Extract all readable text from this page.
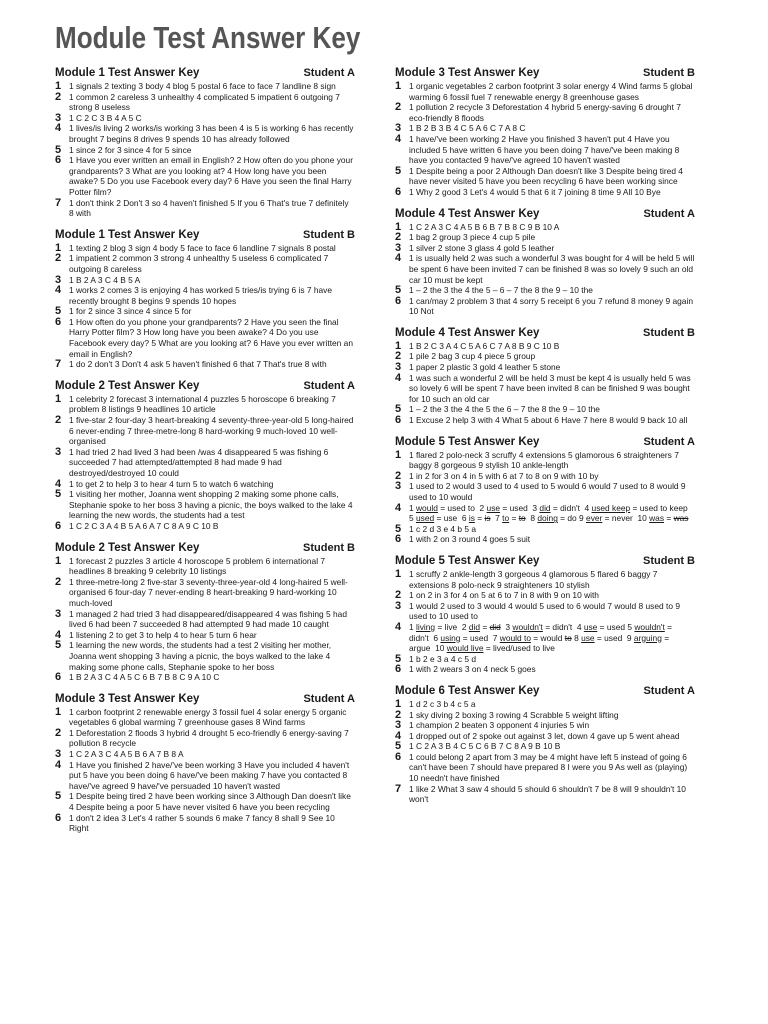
Module Test Answer Key
Module 1 Test Answer Key	Student A
1 1 signals 2 texting 3 body 4 blog 5 postal 6 face to face 7 landline 8 sign
2 1 common 2 careless 3 unhealthy 4 complicated 5 impatient 6 outgoing 7 strong 8 useless
3 1 C 2 C 3 B 4 A 5 C
4 1 lives/is living 2 works/is working 3 has been 4 is 5 is working 6 has recently brought 7 begins 8 drives 9 spends 10 has already followed
5 1 since 2 for 3 since 4 for 5 since
6 1 Have you ever written an email in English? 2 How often do you phone your grandparents? 3 What are you looking at? 4 How long have you been awake? 5 Do you use Facebook every day? 6 Have you seen the final Harry Potter film?
7 1 don't think 2 Don't 3 so 4 haven't finished 5 If you 6 That's true 7 definitely 8 with
Module 1 Test Answer Key	Student B
1 1 texting 2 blog 3 sign 4 body 5 face to face 6 landline 7 signals 8 postal
2 1 impatient 2 common 3 strong 4 unhealthy 5 useless 6 complicated 7 outgoing 8 careless
3 1 B 2 A 3 C 4 B 5 A
4 1 works 2 comes 3 is enjoying 4 has worked 5 tries/is trying 6 is 7 have recently brought 8 begins 9 spends 10 hopes
5 1 for 2 since 3 since 4 since 5 for
6 1 How often do you phone your grandparents? 2 Have you seen the final Harry Potter film? 3 How long have you been awake? 4 Do you use Facebook every day? 5 What are you looking at? 6 Have you ever written an email in English?
7 1 do 2 don't 3 Don't 4 ask 5 haven't finished 6 that 7 That's true 8 with
Module 2 Test Answer Key	Student A
1 1 celebrity 2 forecast 3 international 4 puzzles 5 horoscope 6 breaking 7 problem 8 listings 9 headlines 10 article
2 1 five-star 2 four-day 3 heart-breaking 4 seventy-three-year-old 5 long-haired 6 never-ending 7 three-metre-long 8 hard-working 9 much-loved 10 well-organised
3 1 had tried 2 had lived 3 had been /was 4 disappeared 5 was fishing 6 succeeded 7 had attempted/attempted 8 had made 9 had destroyed/destroyed 10 could
4 1 to get 2 to help 3 to hear 4 turn 5 to watch 6 watching
5 1 visiting her mother, Joanna went shopping 2 making some phone calls, Stephanie spoke to her boss 3 having a picnic, the boys walked to the lake 4 learning the new words, the students had a test
6 1 C 2 C 3 A 4 B 5 A 6 A 7 C 8 A 9 C 10 B
Module 2 Test Answer Key	Student B
1 1 forecast 2 puzzles 3 article 4 horoscope 5 problem 6 international 7 headlines 8 breaking 9 celebrity 10 listings
2 1 three-metre-long 2 five-star 3 seventy-three-year-old 4 long-haired 5 well-organised 6 four-day 7 never-ending 8 heart-breaking 9 hard-working 10 much-loved
3 1 managed 2 had tried 3 had disappeared/disappeared 4 was fishing 5 had lived 6 had been 7 succeeded 8 had attempted 9 had made 10 caught
4 1 listening 2 to get 3 to help 4 to hear 5 turn 6 hear
5 1 learning the new words, the students had a test 2 visiting her mother, Joanna went shopping 3 having a picnic, the boys walked to the lake 4 making some phone calls, Stephanie spoke to her boss
6 1 B 2 A 3 C 4 A 5 C 6 B 7 B 8 C 9 A 10 C
Module 3 Test Answer Key	Student A
1 1 carbon footprint 2 renewable energy 3 fossil fuel 4 solar energy 5 organic vegetables 6 global warming 7 greenhouse gases 8 Wind farms
2 1 Deforestation 2 floods 3 hybrid 4 drought 5 eco-friendly 6 energy-saving 7 pollution 8 recycle
3 1 C 2 A 3 C 4 A 5 B 6 A 7 B 8 A
4 1 Have you finished 2 have/'ve been working 3 Have you included 4 haven't put 5 have you been doing 6 have/'ve been making 7 have you contacted 8 have/'ve agreed 9 have/'ve persuaded 10 haven't wasted
5 1 Despite being tired 2 have been working since 3 Although Dan doesn't like 4 Despite being a poor 5 have never visited 6 have you been recycling
6 1 don't 2 idea 3 Let's 4 rather 5 sounds 6 make 7 fancy 8 shall 9 See 10 Right
Module 3 Test Answer Key	Student B
1 1 organic vegetables 2 carbon footprint 3 solar energy 4 Wind farms 5 global warming 6 fossil fuel 7 renewable energy 8 greenhouse gases
2 1 pollution 2 recycle 3 Deforestation 4 hybrid 5 energy-saving 6 drought 7 eco-friendly 8 floods
3 1 B 2 B 3 B 4 C 5 A 6 C 7 A 8 C
4 1 have/'ve been working 2 Have you finished 3 haven't put 4 Have you included 5 have written 6 have you been doing 7 have/'ve been making 8 have you contacted 9 have/'ve agreed 10 haven't wasted
5 1 Despite being a poor 2 Although Dan doesn't like 3 Despite being tired 4 have never visited 5 have you been recycling 6 have been working since
6 1 Why 2 good 3 Let's 4 would 5 that 6 it 7 joining 8 time 9 All 10 Bye
Module 4 Test Answer Key	Student A
1 1 C 2 A 3 C 4 A 5 B 6 B 7 B 8 C 9 B 10 A
2 1 bag 2 group 3 piece 4 cup 5 pile
3 1 silver 2 stone 3 glass 4 gold 5 leather
4 1 is usually held 2 was such a wonderful 3 was bought for 4 will be held 5 will be spent 6 have been invited 7 can be finished 8 was so lovely 9 such an old car 10 must be kept
5 1 – 2 the 3 the 4 the 5 – 6 – 7 the 8 the 9 – 10 the
6 1 can/may 2 problem 3 that 4 sorry 5 receipt 6 you 7 refund 8 money 9 again 10 Not
Module 4 Test Answer Key	Student B
1 1 B 2 C 3 A 4 C 5 A 6 C 7 A 8 B 9 C 10 B
2 1 pile 2 bag 3 cup 4 piece 5 group
3 1 paper 2 plastic 3 gold 4 leather 5 stone
4 1 was such a wonderful 2 will be held 3 must be kept 4 is usually held 5 was so lovely 6 will be spent 7 have been invited 8 can be finished 9 was bought for 10 such an old car
5 1 – 2 the 3 the 4 the 5 the 6 – 7 the 8 the 9 – 10 the
6 1 Excuse 2 help 3 with 4 What 5 about 6 Have 7 here 8 would 9 back 10 all
Module 5 Test Answer Key	Student A
1 1 flared 2 polo-neck 3 scruffy 4 extensions 5 glamorous 6 straighteners 7 baggy 8 gorgeous 9 stylish 10 ankle-length
2 1 in 2 for 3 on 4 in 5 with 6 at 7 to 8 on 9 with 10 by
3 1 used to 2 would 3 used to 4 used to 5 would 6 would 7 used to 8 would 9 used to 10 would
4 1 would = used to  2 use = used  3 did = didn't  4 used keep = used to keep  5 used = use  6 is = is  7 to = to  8 doing = do 9 ever = never  10 was = was
5 1 c 2 d 3 e 4 b 5 a
6 1 with 2 on 3 round 4 goes 5 suit
Module 5 Test Answer Key	Student B
1 1 scruffy 2 ankle-length 3 gorgeous 4 glamorous 5 flared 6 baggy 7 extensions 8 polo-neck 9 straighteners 10 stylish
2 1 on 2 in 3 for 4 on 5 at 6 to 7 in 8 with 9 on 10 with
3 1 would 2 used to 3 would 4 would 5 used to 6 would 7 would 8 used to 9 used to 10 used to
4 1 living = live  2 did = did  3 wouldn't = didn't  4 use = used 5 wouldn't = didn't  6 using = used  7 would to = would to 8 use = used  9 arguing = argue  10 would live = lived/used to live
5 1 b 2 e 3 a 4 c 5 d
6 1 with 2 wears 3 on 4 neck 5 goes
Module 6 Test Answer Key	Student A
1 1 d 2 c 3 b 4 c 5 a
2 1 sky diving 2 boxing 3 rowing 4 Scrabble 5 weight lifting
3 1 champion 2 beaten 3 opponent 4 injuries 5 win
4 1 dropped out of 2 spoke out against 3 let, down 4 gave up 5 went ahead
5 1 C 2 A 3 B 4 C 5 C 6 B 7 C 8 A 9 B 10 B
6 1 could belong 2 apart from 3 may be 4 might have left 5 instead of going 6 can't have been 7 should have prepared 8 I were you 9 As well as (playing) 10 needn't have finished
7 1 like 2 What 3 saw 4 should 5 should 6 shouldn't 7 be 8 will 9 shouldn't 10 won't
